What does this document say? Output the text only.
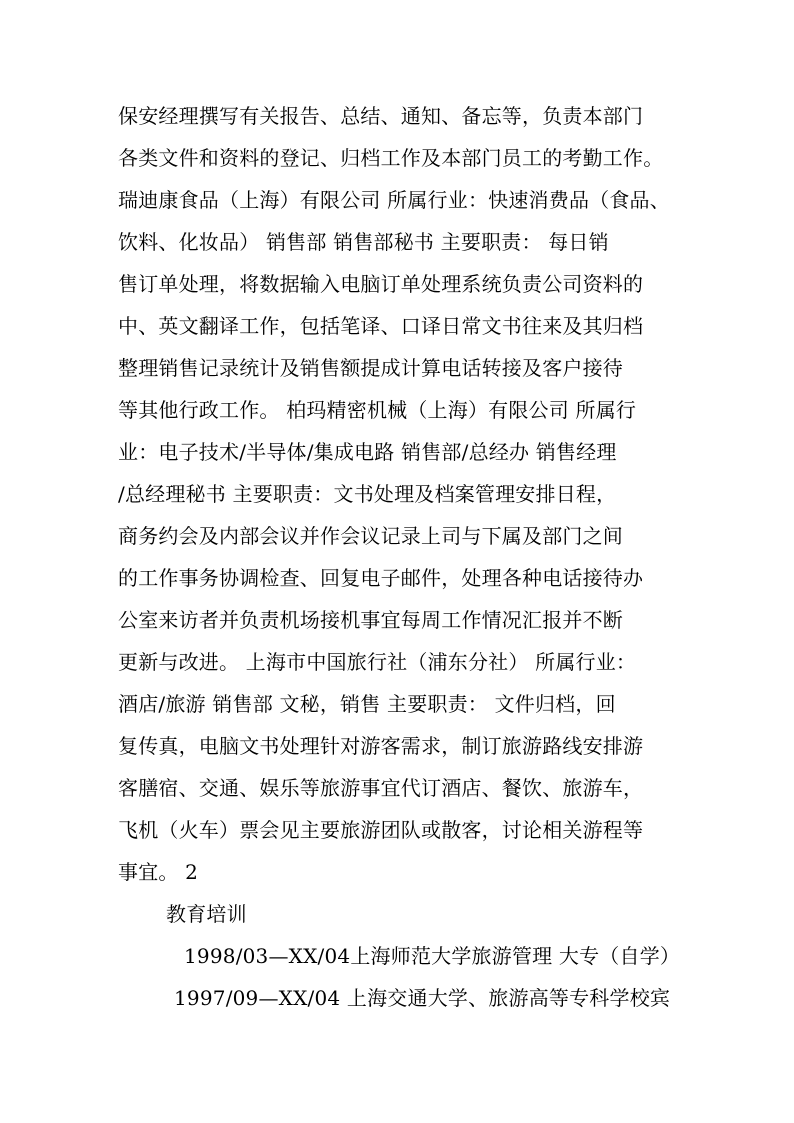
保安经理撰写有关报告、总结、通知、备忘等，负责本部门
各类文件和资料的登记、归档工作及本部门员工的考勤工作。
瑞迪康食品（上海）有限公司 所属行业：快速消费品（食品、
饮料、化妆品） 销售部 销售部秘书 主要职责： 每日销
售订单处理，将数据输入电脑订单处理系统负责公司资料的
中、英文翻译工作，包括笔译、口译日常文书往来及其归档
整理销售记录统计及销售额提成计算电话转接及客户接待
等其他行政工作。 柏玛精密机械（上海）有限公司 所属行
业：电子技术/半导体/集成电路 销售部/总经办 销售经理
/总经理秘书 主要职责：文书处理及档案管理安排日程，
商务约会及内部会议并作会议记录上司与下属及部门之间
的工作事务协调检查、回复电子邮件，处理各种电话接待办
公室来访者并负责机场接机事宜每周工作情况汇报并不断
更新与改进。 上海市中国旅行社（浦东分社） 所属行业：
酒店/旅游 销售部 文秘，销售 主要职责： 文件归档，回
复传真，电脑文书处理针对游客需求，制订旅游路线安排游
客膳宿、交通、娱乐等旅游事宜代订酒店、餐饮、旅游车，
飞机（火车）票会见主要旅游团队或散客，讨论相关游程等
事宜。 2
教育培训
1998/03—XX/04上海师范大学旅游管理 大专（自学）
1997/09—XX/04 上海交通大学、旅游高等专科学校宾
